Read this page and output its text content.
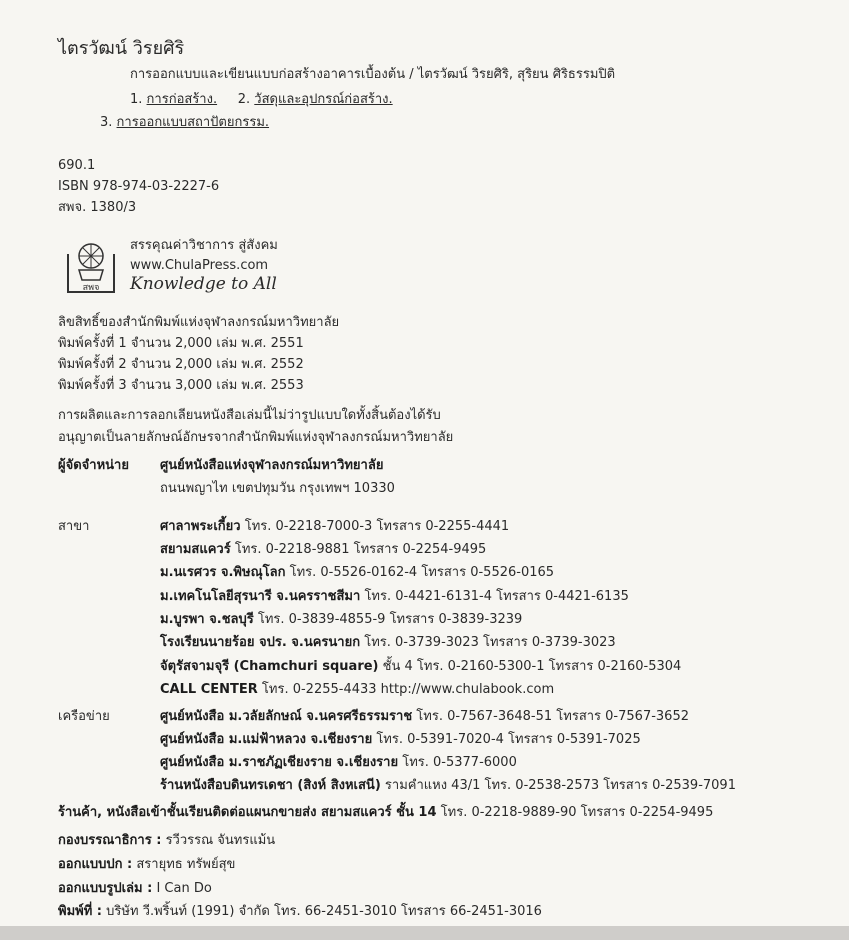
ไตรวัฒน์ วิรยศิริ
การออกแบบและเขียนแบบก่อสร้างอาคารเบื้องต้น / ไตรวัฒน์ วิรยศิริ, สุริยน ศิริธรรมปิติ
1. การก่อสร้าง. 2. วัสดุและอุปกรณ์ก่อสร้าง.
3. การออกแบบสถาปัตยกรรม.
690.1
ISBN 978-974-03-2227-6
สพจ. 1380/3
สพจ
สรรคุณค่าวิชาการ สู่สังคม
www.ChulaPress.com
Knowledge to All
ลิขสิทธิ์ของสำนักพิมพ์แห่งจุฬาลงกรณ์มหาวิทยาลัย
พิมพ์ครั้งที่ 1 จำนวน 2,000 เล่ม พ.ศ. 2551
พิมพ์ครั้งที่ 2 จำนวน 2,000 เล่ม พ.ศ. 2552
พิมพ์ครั้งที่ 3 จำนวน 3,000 เล่ม พ.ศ. 2553
การผลิตและการลอกเลียนหนังสือเล่มนี้ไม่ว่ารูปแบบใดทั้งสิ้นต้องได้รับ
อนุญาตเป็นลายลักษณ์อักษรจากสำนักพิมพ์แห่งจุฬาลงกรณ์มหาวิทยาลัย
ผู้จัดจำหน่าย ศูนย์หนังสือแห่งจุฬาลงกรณ์มหาวิทยาลัย
ถนนพญาไท เขตปทุมวัน กรุงเทพฯ 10330
สาขา	ศาลาพระเกี้ยว โทร. 0-2218-7000-3 โทรสาร 0-2255-4441
สยามสแควร์ โทร. 0-2218-9881 โทรสาร 0-2254-9495
ม.นเรศวร จ.พิษณุโลก โทร. 0-5526-0162-4 โทรสาร 0-5526-0165
ม.เทคโนโลยีสุรนารี จ.นครราชสีมา โทร. 0-4421-6131-4 โทรสาร 0-4421-6135
ม.บูรพา จ.ชลบุรี โทร. 0-3839-4855-9 โทรสาร 0-3839-3239
โรงเรียนนายร้อย จปร. จ.นครนายก โทร. 0-3739-3023 โทรสาร 0-3739-3023
จัตุรัสจามจุรี (Chamchuri square) ชั้น 4 โทร. 0-2160-5300-1 โทรสาร 0-2160-5304
CALL CENTER โทร. 0-2255-4433 http://www.chulabook.com
เครือข่าย	ศูนย์หนังสือ ม.วลัยลักษณ์ จ.นครศรีธรรมราช โทร. 0-7567-3648-51 โทรสาร 0-7567-3652
ศูนย์หนังสือ ม.แม่ฟ้าหลวง จ.เชียงราย โทร. 0-5391-7020-4 โทรสาร 0-5391-7025
ศูนย์หนังสือ ม.ราชภัฏเชียงราย จ.เชียงราย โทร. 0-5377-6000
ร้านหนังสือบดินทรเดชา (สิงห์ สิงหเสนี) รามคำแหง 43/1 โทร. 0-2538-2573 โทรสาร 0-2539-7091
ร้านค้า, หนังสือเข้าชั้นเรียนติดต่อแผนกขายส่ง สยามสแควร์ ชั้น 14 โทร. 0-2218-9889-90 โทรสาร 0-2254-9495
กองบรรณาธิการ : รวีวรรณ จันทรแม้น
ออกแบบปก : สรายุทธ ทรัพย์สุข
ออกแบบรูปเล่ม : I Can Do
พิมพ์ที่ : บริษัท วี.พริ้นท์ (1991) จำกัด โทร. 66-2451-3010 โทรสาร 66-2451-3016
